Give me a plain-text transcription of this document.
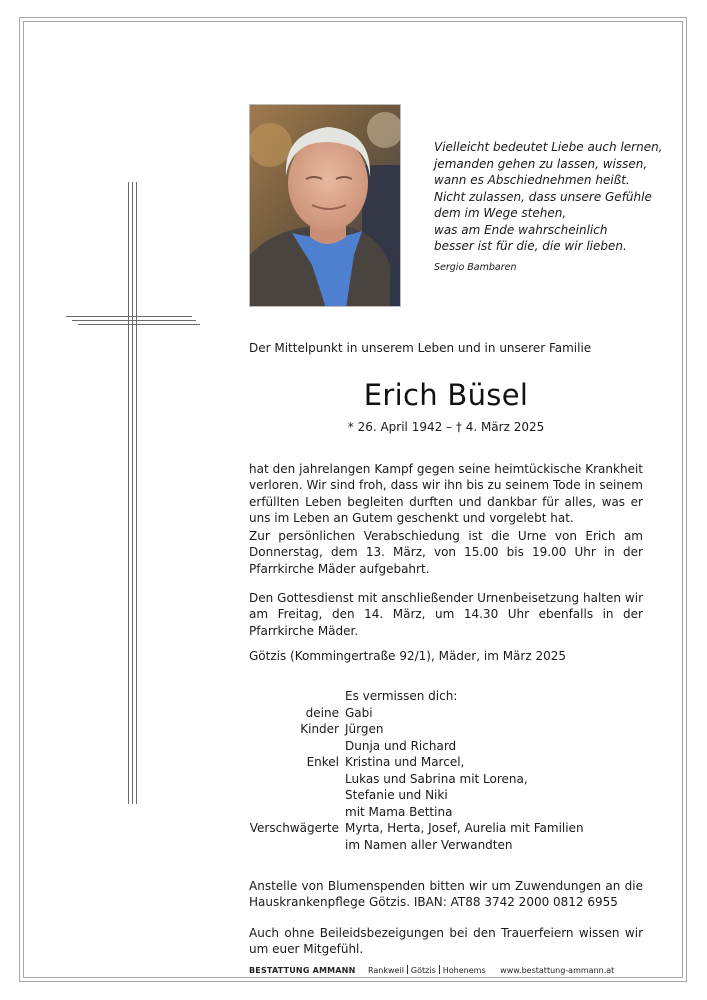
Vielleicht bedeutet Liebe auch lernen,
jemanden gehen zu lassen, wissen,
wann es Abschiednehmen heißt.
Nicht zulassen, dass unsere Gefühle
dem im Wege stehen,
was am Ende wahrscheinlich
besser ist für die, die wir lieben.
Sergio Bambaren
Der Mittelpunkt in unserem Leben und in unserer Familie
Erich Büsel
* 26. April 1942 – † 4. März 2025
hat den jahrelangen Kampf gegen seine heimtückische Krankheit verloren. Wir sind froh, dass wir ihn bis zu seinem Tode in seinem erfüllten Leben begleiten durften und dankbar für alles, was er uns im Leben an Gutem geschenkt und vorgelebt hat.
Zur persönlichen Verabschiedung ist die Urne von Erich am Donnerstag, dem 13. März, von 15.00 bis 19.00 Uhr in der Pfarrkirche Mäder aufgebahrt.
Den Gottesdienst mit anschließender Urnenbeisetzung halten wir am Freitag, den 14. März, um 14.30 Uhr ebenfalls in der Pfarrkirche Mäder.
Götzis (Kommingertraße 92/1), Mäder, im März 2025
Es vermissen dich:
deine Gabi
Kinder Jürgen
Dunja und Richard
Enkel Kristina und Marcel,
Lukas und Sabrina mit Lorena,
Stefanie und Niki
mit Mama Bettina
Verschwägerte Myrta, Herta, Josef, Aurelia mit Familien
im Namen aller Verwandten
Anstelle von Blumenspenden bitten wir um Zuwendungen an die Hauskrankenpflege Götzis. IBAN: AT88 3742 2000 0812 6955
Auch ohne Beileidsbezeigungen bei den Trauerfeiern wissen wir um euer Mitgefühl.
BESTATTUNG AMMANN Rankweil Götzis Hohenems www.bestattung-ammann.at
